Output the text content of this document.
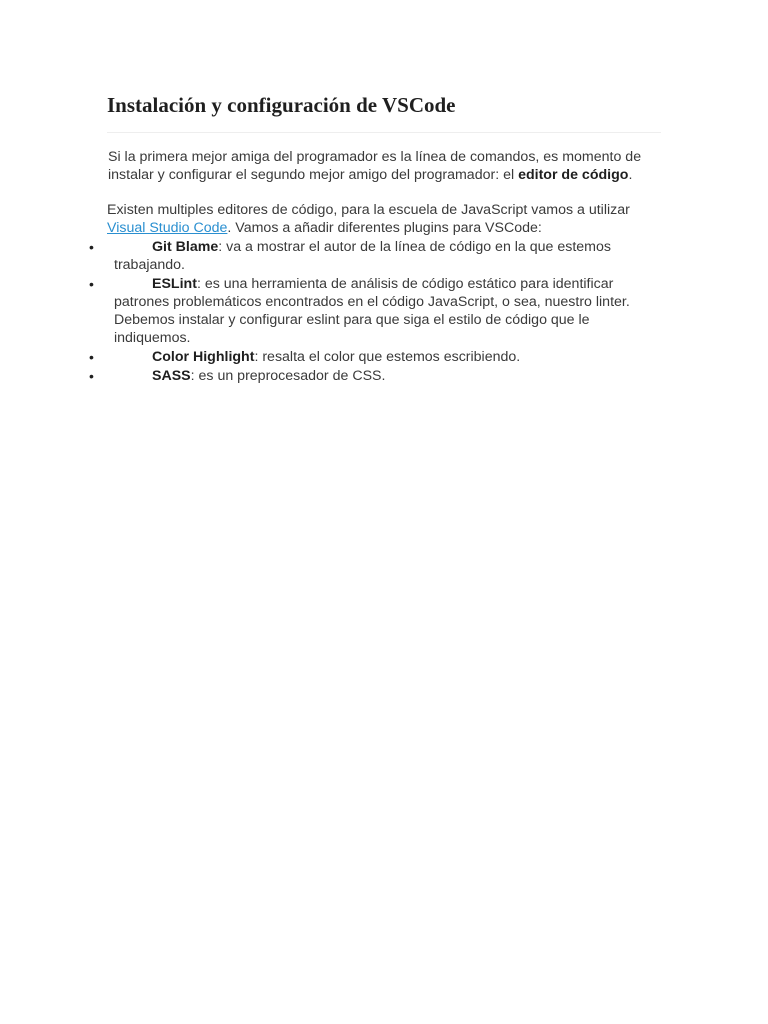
Instalación y configuración de VSCode

Si la primera mejor amiga del programador es la línea de comandos, es momento de instalar y configurar el segundo mejor amigo del programador: el editor de código.

Existen multiples editores de código, para la escuela de JavaScript vamos a utilizar Visual Studio Code. Vamos a añadir diferentes plugins para VSCode:

•	Git Blame: va a mostrar el autor de la línea de código en la que estemos trabajando.
•	ESLint: es una herramienta de análisis de código estático para identificar patrones problemáticos encontrados en el código JavaScript, o sea, nuestro linter. Debemos instalar y configurar eslint para que siga el estilo de código que le indiquemos.
•	Color Highlight: resalta el color que estemos escribiendo.
•	SASS: es un preprocesador de CSS.
